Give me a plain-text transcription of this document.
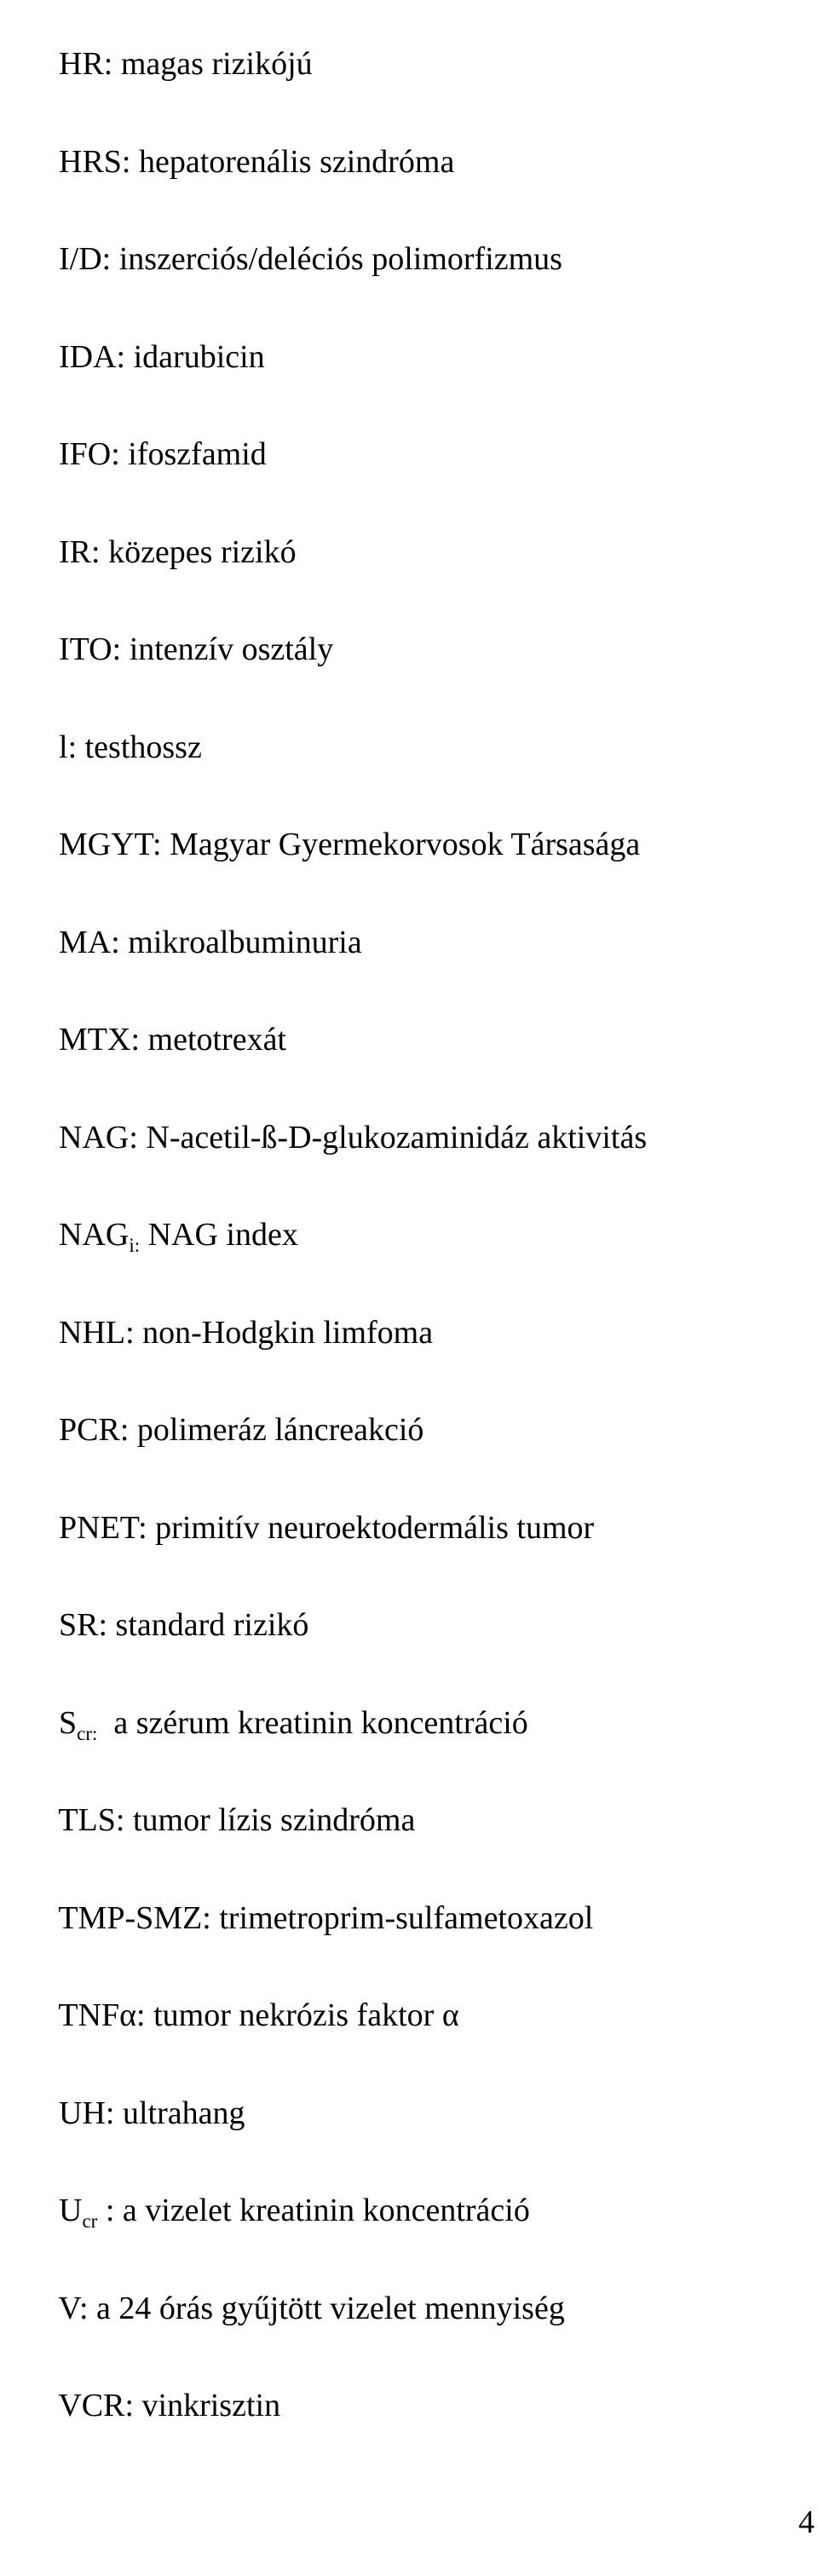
HR: magas rizikójú

HRS: hepatorenális szindróma

I/D: inszerciós/deléciós polimorfizmus

IDA: idarubicin

IFO: ifoszfamid

IR: közepes rizikó

ITO: intenzív osztály

l: testhossz

MGYT: Magyar Gyermekorvosok Társasága

MA: mikroalbuminuria

MTX: metotrexát

NAG: N-acetil-ß-D-glukozaminidáz aktivitás

$NAG_{i:}$ NAG index

NHL: non-Hodgkin limfoma

PCR: polimeráz láncreakció

PNET: primitív neuroektodermális tumor

SR: standard rizikó

$S_{cr:}$ a szérum kreatinin koncentráció

TLS: tumor lízis szindróma

TMP-SMZ: trimetroprim-sulfametoxazol

TNFα: tumor nekrózis faktor α

UH: ultrahang

$U_{cr}$ : a vizelet kreatinin koncentráció

V: a 24 órás gyűjtött vizelet mennyiség

VCR: vinkrisztin

4
